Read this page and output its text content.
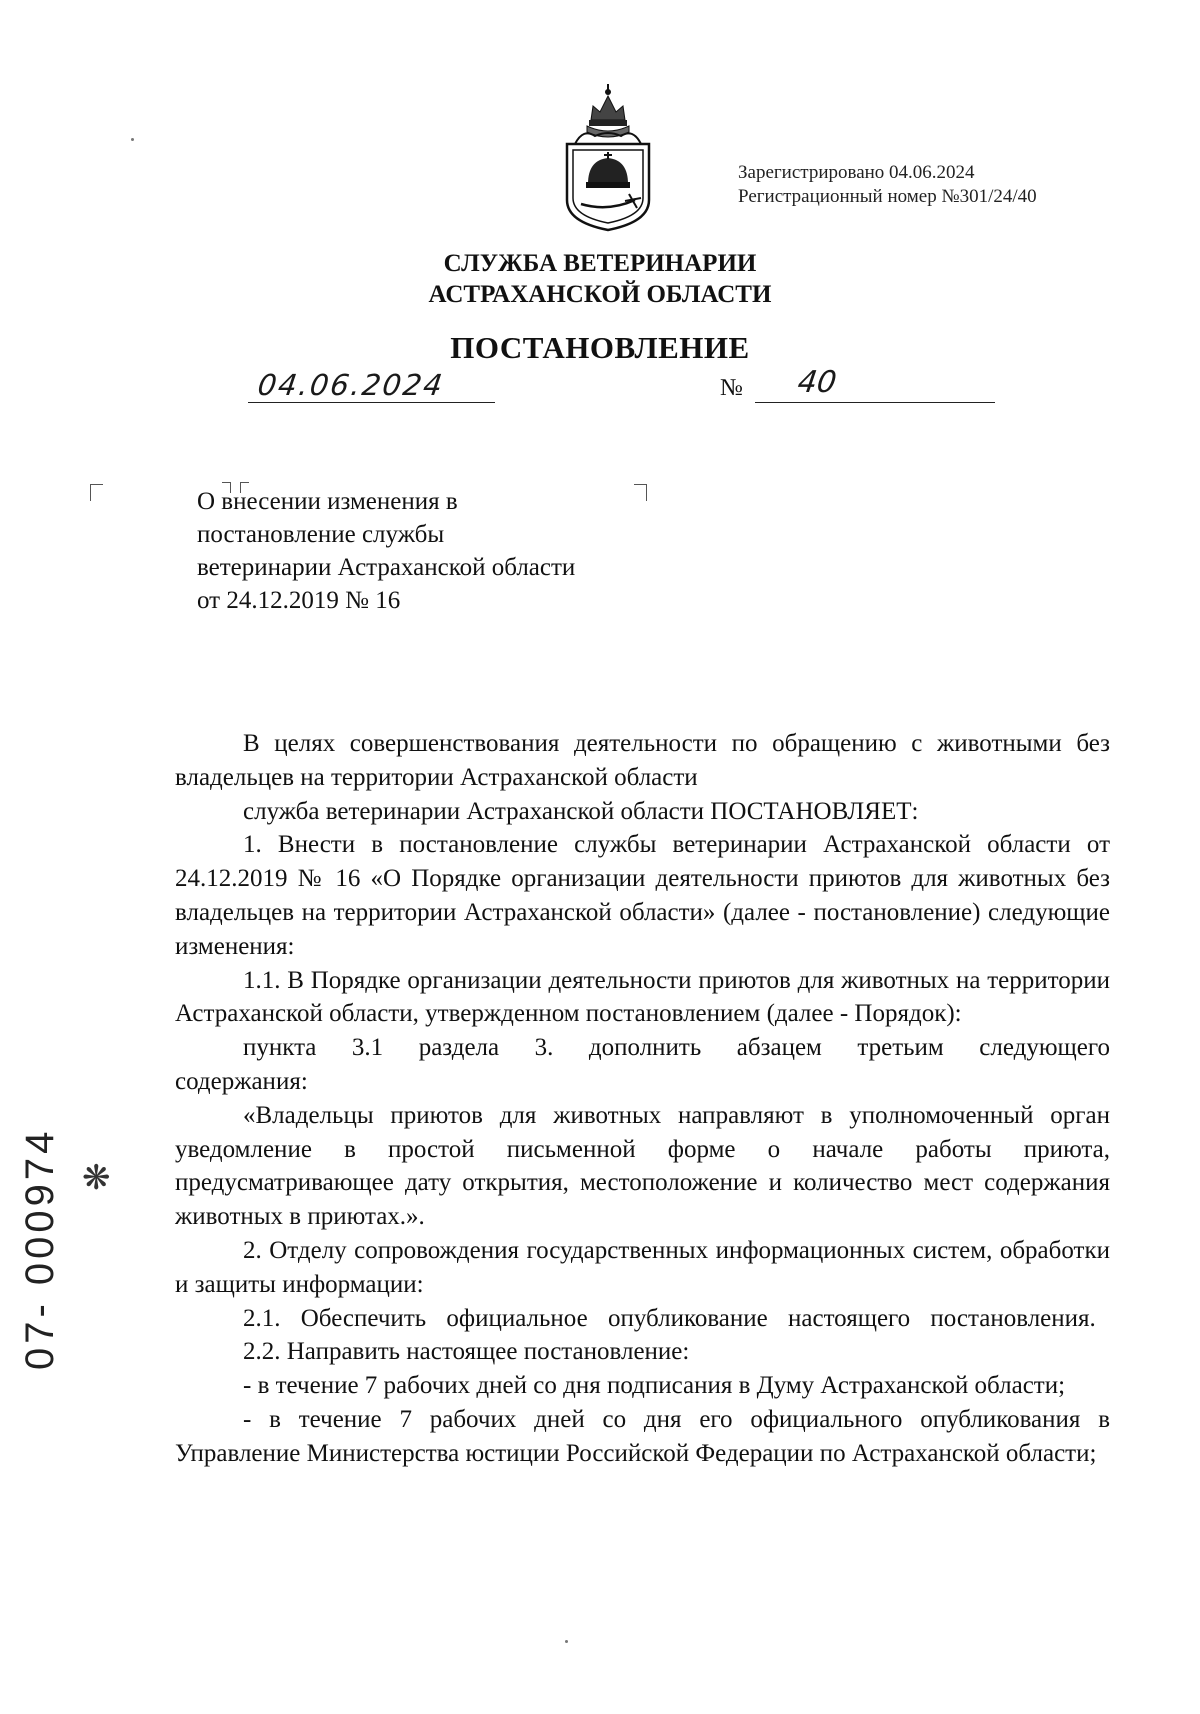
Зарегистрировано 04.06.2024
Регистрационный номер №301/24/40
СЛУЖБА ВЕТЕРИНАРИИ
АСТРАХАНСКОЙ ОБЛАСТИ
ПОСТАНОВЛЕНИЕ
04.06.2024	№ 40
О внесении изменения в
постановление службы
ветеринарии Астраханской области
от 24.12.2019 № 16

В целях совершенствования деятельности по обращению с животными без владельцев на территории Астраханской области

служба ветеринарии Астраханской области ПОСТАНОВЛЯЕТ:

1. Внести в постановление службы ветеринарии Астраханской области от 24.12.2019 № 16 «О Порядке организации деятельности приютов для животных без владельцев на территории Астраханской области» (далее - постановление) следующие изменения:

1.1. В Порядке организации деятельности приютов для животных на территории Астраханской области, утвержденном постановлением (далее - Порядок):

пункта 3.1 раздела 3. дополнить абзацем третьим следующего содержания:

«Владельцы приютов для животных направляют в уполномоченный орган уведомление в простой письменной форме о начале работы приюта, предусматривающее дату открытия, местоположение и количество мест содержания животных в приютах.».

2. Отделу сопровождения государственных информационных систем, обработки и защиты информации:

2.1. Обеспечить официальное опубликование настоящего постановления.

2.2. Направить настоящее постановление:

- в течение 7 рабочих дней со дня подписания в Думу Астраханской области;

- в течение 7 рабочих дней со дня его официального опубликования в Управление Министерства юстиции Российской Федерации по Астраханской области;

❋
07- 000974
